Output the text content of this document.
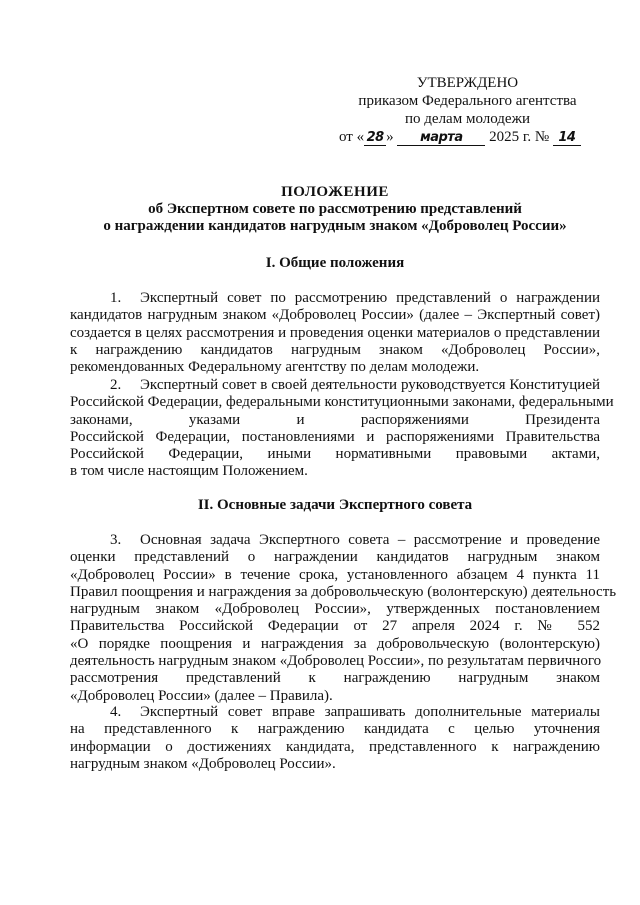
УТВЕРЖДЕНО
приказом Федерального агентства
по делам молодежи
от « 28 » марта 2025 г. № 14
ПОЛОЖЕНИЕ
об Экспертном совете по рассмотрению представлений
о награждении кандидатов нагрудным знаком «Доброволец России»
I. Общие положения
1. Экспертный совет по рассмотрению представлений о награждении
кандидатов нагрудным знаком «Доброволец России» (далее – Экспертный совет)
создается в целях рассмотрения и проведения оценки материалов о представлении
к награждению кандидатов нагрудным знаком «Доброволец России»,
рекомендованных Федеральному агентству по делам молодежи.
2. Экспертный совет в своей деятельности руководствуется Конституцией
Российской Федерации, федеральными конституционными законами, федеральными
законами, указами и распоряжениями Президента
Российской Федерации, постановлениями и распоряжениями Правительства
Российской Федерации, иными нормативными правовыми актами,
в том числе настоящим Положением.
II. Основные задачи Экспертного совета
3. Основная задача Экспертного совета – рассмотрение и проведение
оценки представлений о награждении кандидатов нагрудным знаком
«Доброволец России» в течение срока, установленного абзацем 4 пункта 11
Правил поощрения и награждения за добровольческую (волонтерскую) деятельность
нагрудным знаком «Доброволец России», утвержденных постановлением
Правительства Российской Федерации от 27 апреля 2024 г. № 552
«О порядке поощрения и награждения за добровольческую (волонтерскую)
деятельность нагрудным знаком «Доброволец России», по результатам первичного
рассмотрения представлений к награждению нагрудным знаком
«Доброволец России» (далее – Правила).
4. Экспертный совет вправе запрашивать дополнительные материалы
на представленного к награждению кандидата с целью уточнения
информации о достижениях кандидата, представленного к награждению
нагрудным знаком «Доброволец России».
